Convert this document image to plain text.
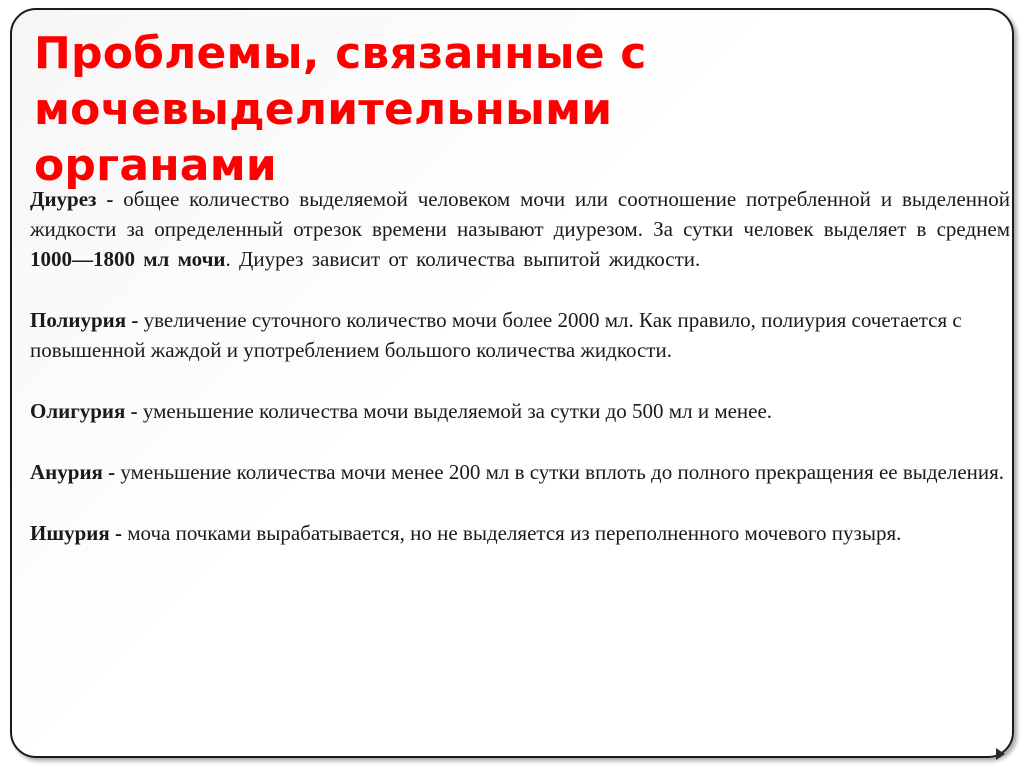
Диурез - общее количество выделяемой человеком мочи или соотношение потребленной и выделенной жидкости за определенный отрезок времени называют диурезом. За сутки человек выделяет в среднем 1000—1800 мл мочи. Диурез зависит от количества выпитой жидкости.

Полиурия - увеличение суточного количество мочи более 2000 мл. Как правило, полиурия сочетается с повышенной жаждой и употреблением большого количества жидкости.

Олигурия - уменьшение количества мочи выделяемой за сутки до 500 мл и менее.

Анурия - уменьшение количества мочи менее 200 мл в сутки вплоть до полного прекращения ее выделения.

Ишурия - моча почками вырабатывается, но не выделяется из переполненного мочевого пузыря.

Проблемы, связанные с мочевыделительными органами
